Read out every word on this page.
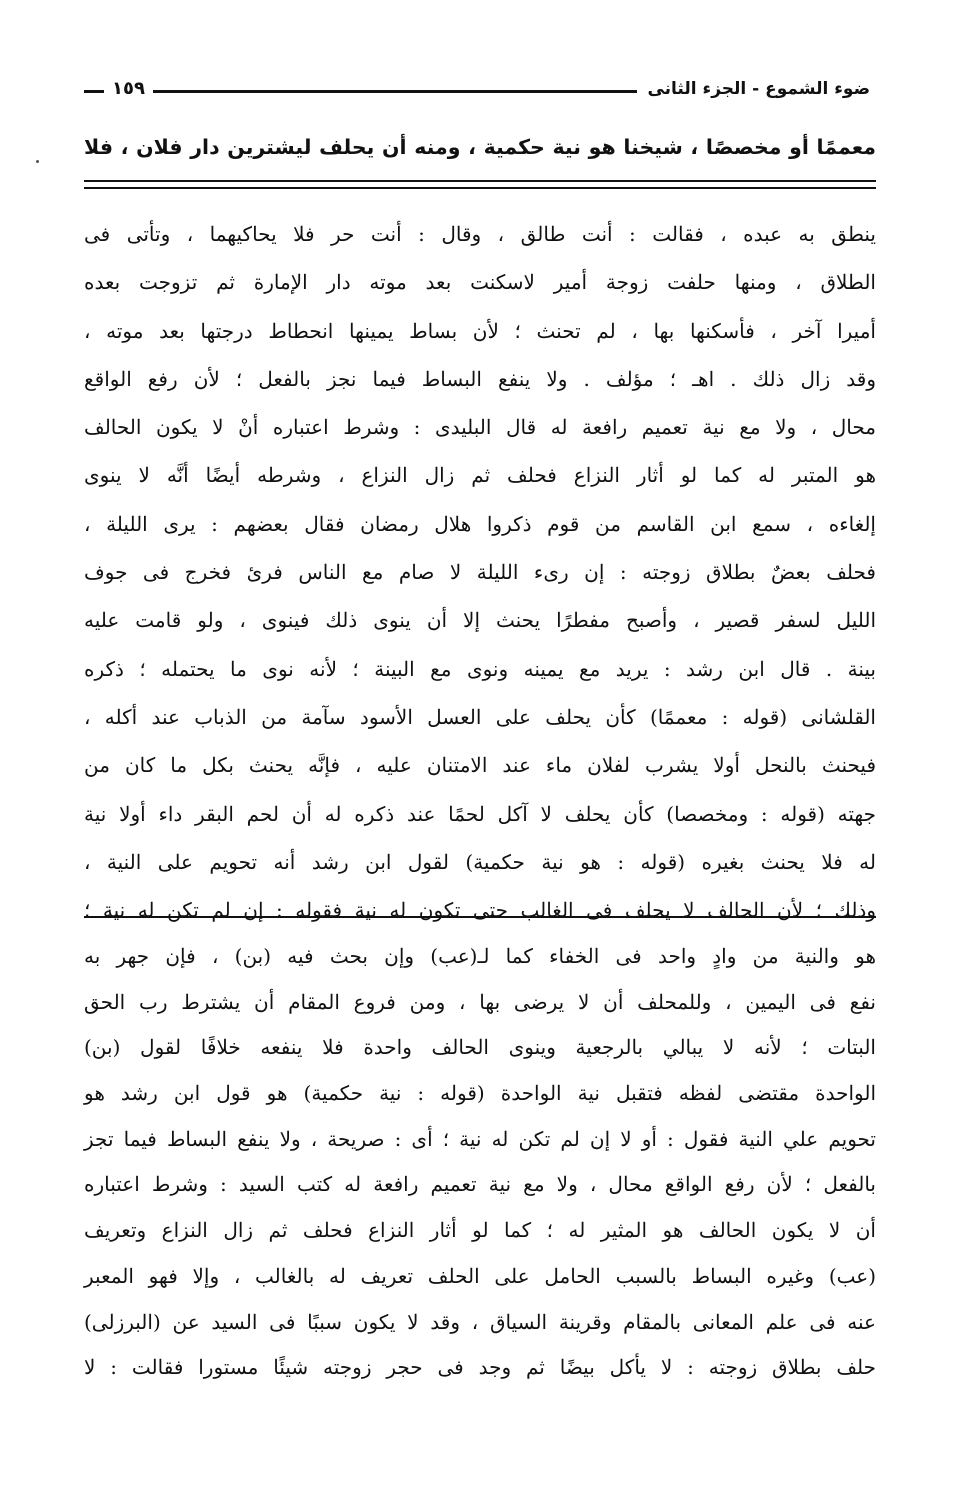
ضوء الشموع - الجزء الثانى
١٥٩
معممًا أو مخصصًا ، شيخنا هو نية حكمية ، ومنه أن يحلف ليشترين دار فلان ، فلا
ينطق به عبده ، فقالت : أنت طالق ، وقال : أنت حر فلا يحاكيهما ، وتأتى فى
الطلاق ، ومنها حلفت زوجة أمير لاسكنت بعد موته دار الإمارة ثم تزوجت بعده
أميرا آخر ، فأسكنها بها ، لم تحنث ؛ لأن بساط يمينها انحطاط درجتها بعد موته ،
وقد زال ذلك . اهـ ؛ مؤلف . ولا ينفع البساط فيما نجز بالفعل ؛ لأن رفع الواقع
محال ، ولا مع نية تعميم رافعة له قال البليدى : وشرط اعتباره أنْ لا يكون الحالف
هو المتبر له كما لو أثار النزاع فحلف ثم زال النزاع ، وشرطه أيضًا أنَّه لا ينوى
إلغاءه ، سمع ابن القاسم من قوم ذكروا هلال رمضان فقال بعضهم : يرى الليلة ،
فحلف بعضٌ بطلاق زوجته : إن رىء الليلة لا صام مع الناس فرئ فخرج فى جوف
الليل لسفر قصير ، وأصبح مفطرًا يحنث إلا أن ينوى ذلك فينوى ، ولو قامت عليه
بينة . قال ابن رشد : يريد مع يمينه ونوى مع البينة ؛ لأنه نوى ما يحتمله ؛ ذكره
القلشانى (قوله : معممًا) كأن يحلف على العسل الأسود سآمة من الذباب عند أكله ،
فيحنث بالنحل أولا يشرب لفلان ماء عند الامتنان عليه ، فإنَّه يحنث بكل ما كان من
جهته (قوله : ومخصصا) كأن يحلف لا آكل لحمًا عند ذكره له أن لحم البقر داء أولا نية
له فلا يحنث بغيره (قوله : هو نية حكمية) لقول ابن رشد أنه تحويم على النية ،
وذلك ؛ لأن الحالف لا يحلف فى الغالب حتى تكون له نية فقوله : إن لم تكن له نية ؛
هو والنية من وادٍ واحد فى الخفاء كما لـ(عب) وإن بحث فيه (بن) ، فإن جهر به
نفع فى اليمين ، وللمحلف أن لا يرضى بها ، ومن فروع المقام أن يشترط رب الحق
البتات ؛ لأنه لا يبالي بالرجعية وينوى الحالف واحدة فلا ينفعه خلافًا لقول (بن)
الواحدة مقتضى لفظه فتقبل نية الواحدة (قوله : نية حكمية) هو قول ابن رشد هو
تحويم علي النية فقول : أو لا إن لم تكن له نية ؛ أى : صريحة ، ولا ينفع البساط فيما تجز
بالفعل ؛ لأن رفع الواقع محال ، ولا مع نية تعميم رافعة له كتب السيد : وشرط اعتباره
أن لا يكون الحالف هو المثير له ؛ كما لو أثار النزاع فحلف ثم زال النزاع وتعريف
(عب) وغيره البساط بالسبب الحامل على الحلف تعريف له بالغالب ، وإلا فهو المعبر
عنه فى علم المعانى بالمقام وقرينة السياق ، وقد لا يكون سببًا فى السيد عن (البرزلى)
حلف بطلاق زوجته : لا يأكل بيضًا ثم وجد فى حجر زوجته شيئًا مستورا فقالت : لا
